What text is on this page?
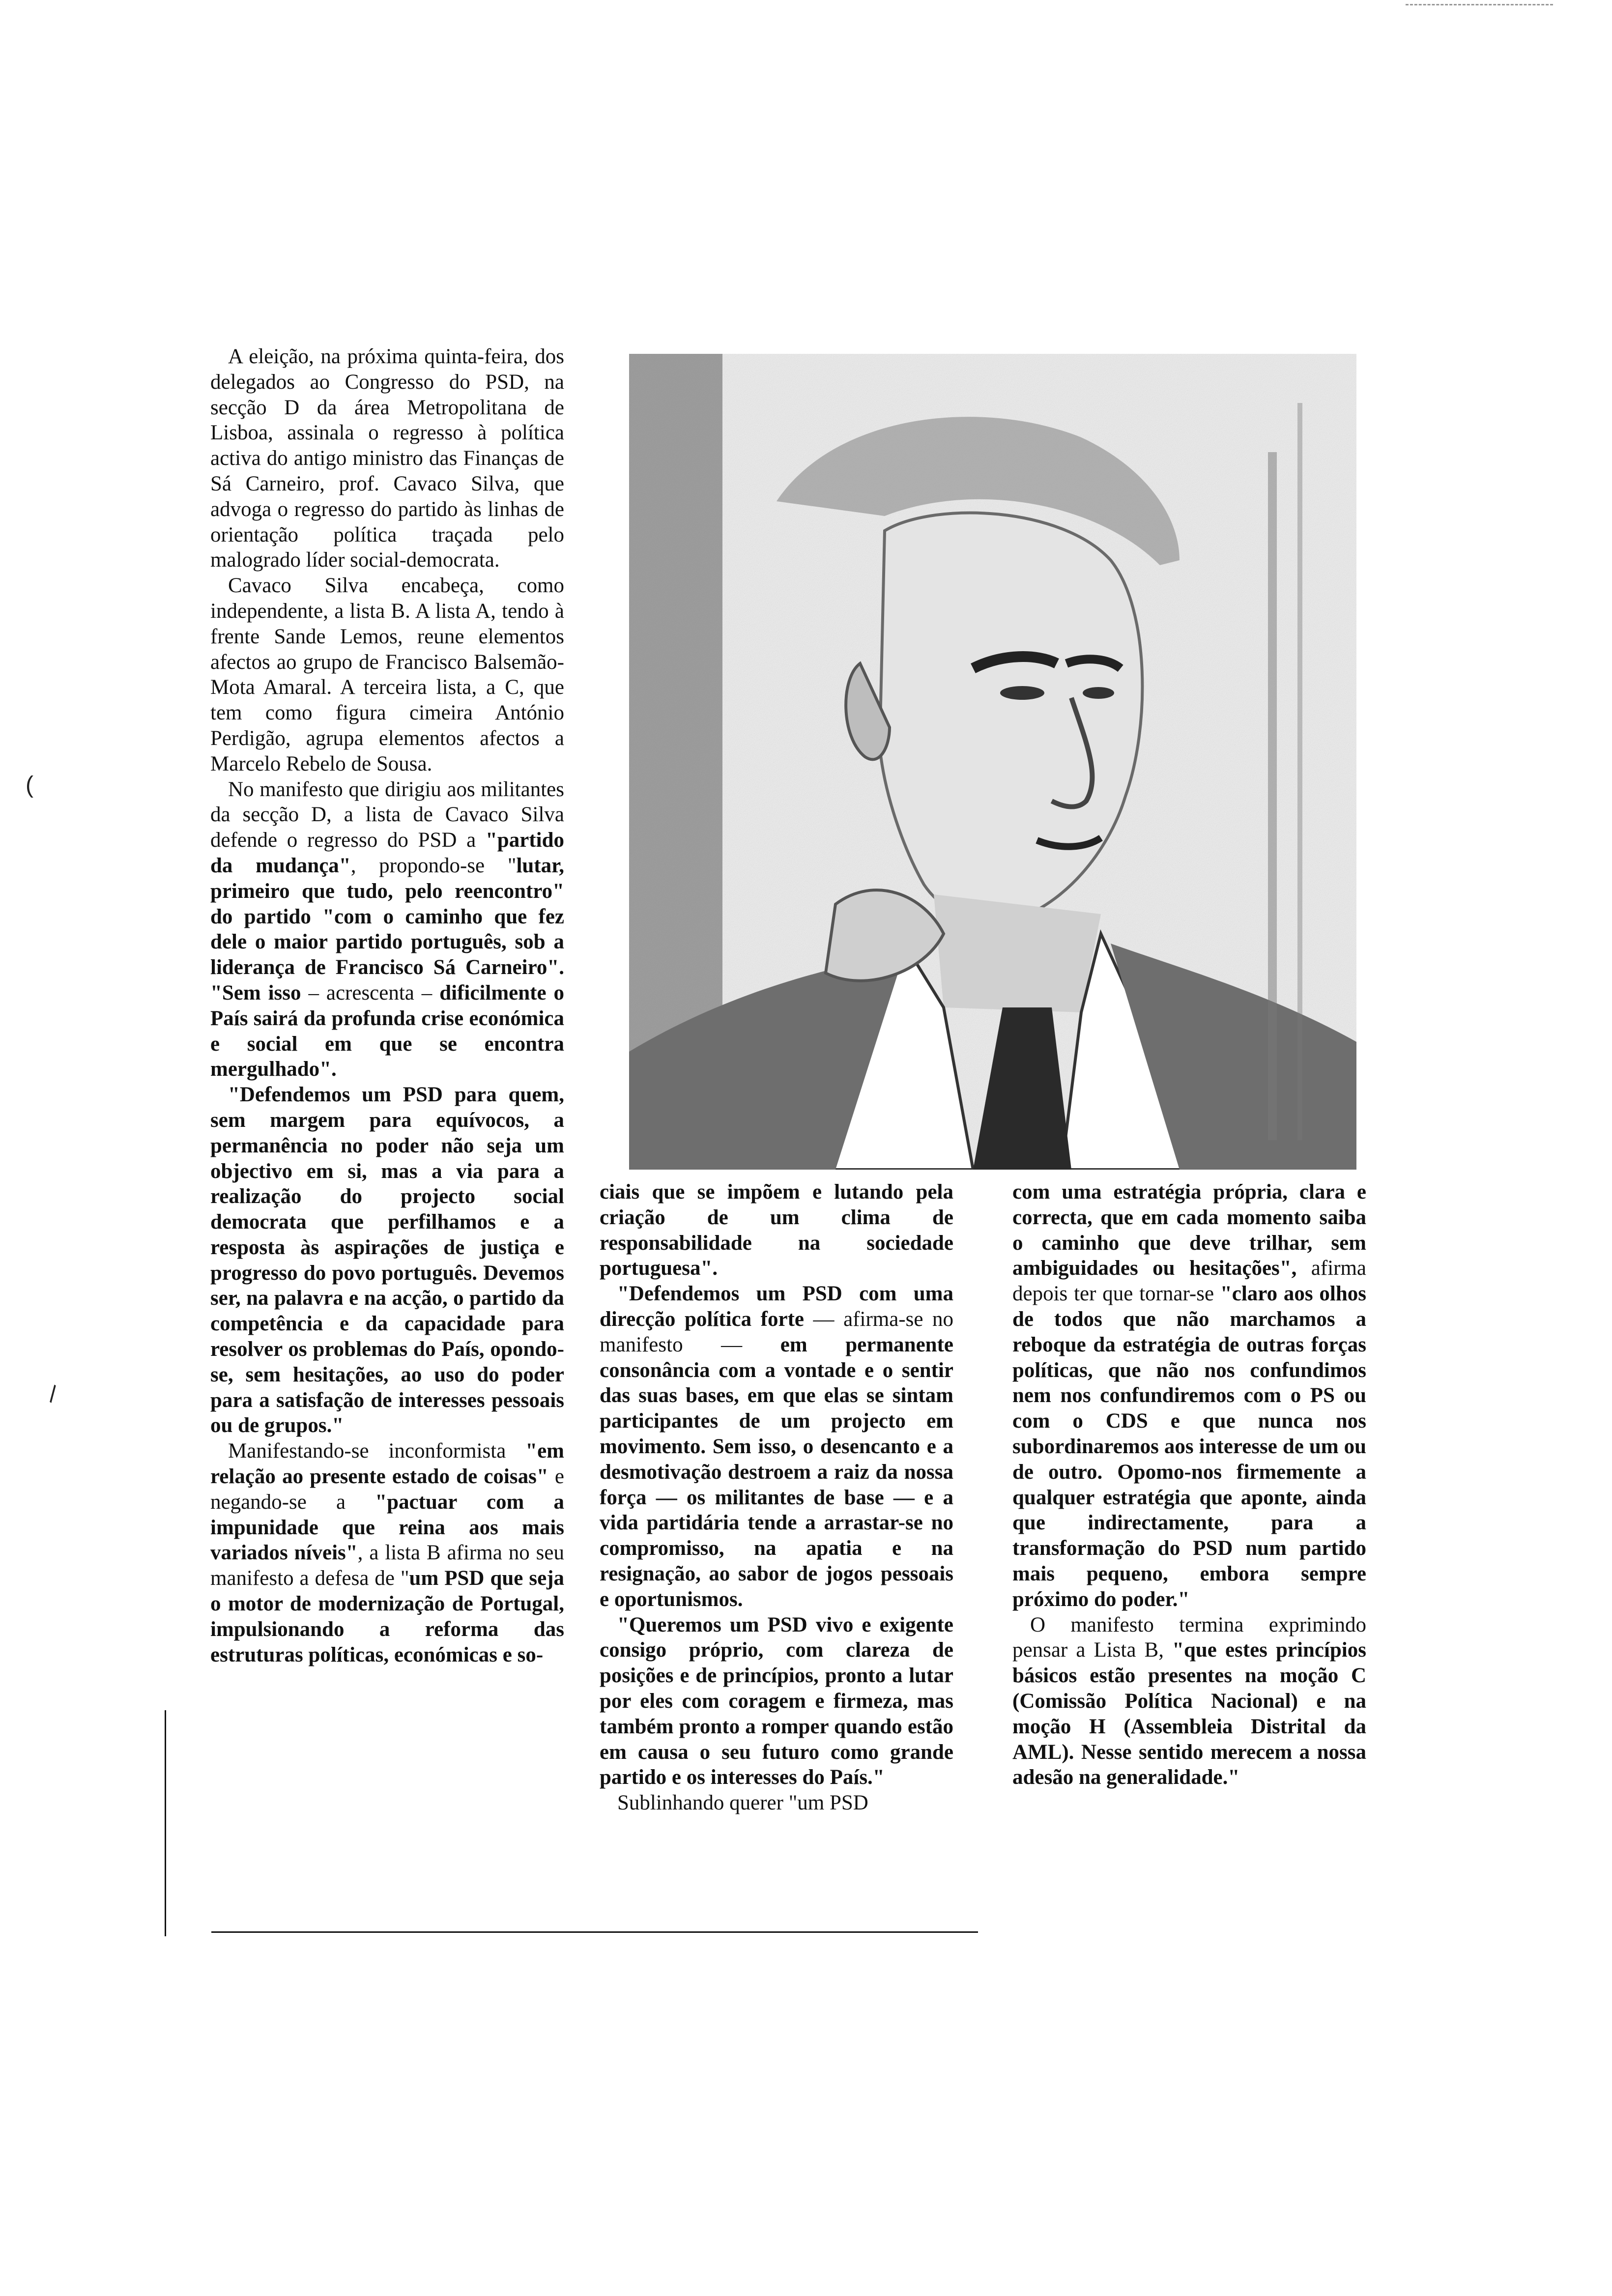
(
\

A eleição, na próxima quinta-feira, dos delegados ao Congresso do PSD, na secção D da área Metropolitana de Lisboa, assinala o regresso à política activa do antigo ministro das Finanças de Sá Carneiro, prof. Cavaco Silva, que advoga o regresso do partido às linhas de orientação política traçada pelo malogrado líder social-democrata.

Cavaco Silva encabeça, como independente, a lista B. A lista A, tendo à frente Sande Lemos, reune elementos afectos ao grupo de Francisco Balsemão-Mota Amaral. A terceira lista, a C, que tem como figura cimeira António Perdigão, agrupa elementos afectos a Marcelo Rebelo de Sousa.

No manifesto que dirigiu aos militantes da secção D, a lista de Cavaco Silva defende o regresso do PSD a "partido da mudança", propondo-se "lutar, primeiro que tudo, pelo reencontro" do partido "com o caminho que fez dele o maior partido português, sob a liderança de Francisco Sá Carneiro". "Sem isso – acrescenta – dificilmente o País sairá da profunda crise económica e social em que se encontra mergulhado".

"Defendemos um PSD para quem, sem margem para equívocos, a permanência no poder não seja um objectivo em si, mas a via para a realização do projecto social democrata que perfilhamos e a resposta às aspirações de justiça e progresso do povo português. Devemos ser, na palavra e na acção, o partido da competência e da capacidade para resolver os problemas do País, opondo-se, sem hesitações, ao uso do poder para a satisfação de interesses pessoais ou de grupos."

Manifestando-se inconformista "em relação ao presente estado de coisas" e negando-se a "pactuar com a impunidade que reina aos mais variados níveis", a lista B afirma no seu manifesto a defesa de "um PSD que seja o motor de modernização de Portugal, impulsionando a reforma das estruturas políticas, económicas e so-

ciais que se impõem e lutando pela criação de um clima de responsabilidade na sociedade portuguesa".

"Defendemos um PSD com uma direcção política forte — afirma-se no manifesto — em permanente consonância com a vontade e o sentir das suas bases, em que elas se sintam participantes de um projecto em movimento. Sem isso, o desencanto e a desmotivação destroem a raiz da nossa força — os militantes de base — e a vida partidária tende a arrastar-se no compromisso, na apatia e na resignação, ao sabor de jogos pessoais e oportunismos.

"Queremos um PSD vivo e exigente consigo próprio, com clareza de posições e de princípios, pronto a lutar por eles com coragem e firmeza, mas também pronto a romper quando estão em causa o seu futuro como grande partido e os interesses do País."

Sublinhando querer "um PSD

com uma estratégia própria, clara e correcta, que em cada momento saiba o caminho que deve trilhar, sem ambiguidades ou hesitações", afirma depois ter que tornar-se "claro aos olhos de todos que não marchamos a reboque da estratégia de outras forças políticas, que não nos confundimos nem nos confundiremos com o PS ou com o CDS e que nunca nos subordinaremos aos interesse de um ou de outro. Opomo-nos firmemente a qualquer estratégia que aponte, ainda que indirectamente, para a transformação do PSD num partido mais pequeno, embora sempre próximo do poder."

O manifesto termina exprimindo pensar a Lista B, "que estes princípios básicos estão presentes na moção C (Comissão Política Nacional) e na moção H (Assembleia Distrital da AML). Nesse sentido merecem a nossa adesão na generalidade."
